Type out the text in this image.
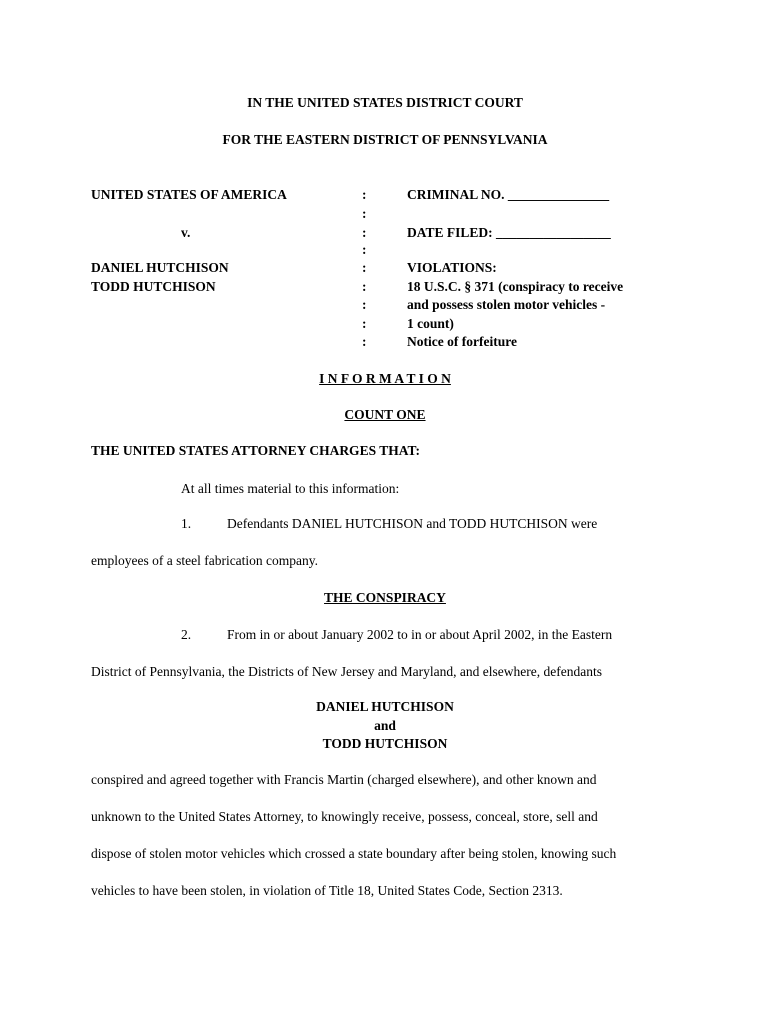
IN THE UNITED STATES DISTRICT COURT
FOR THE EASTERN DISTRICT OF PENNSYLVANIA
UNITED STATES OF AMERICA
v.
DANIEL HUTCHISON
TODD HUTCHISON
:
:
:
:
:
:
:
:
:
CRIMINAL NO. _______________
DATE FILED: _________________
VIOLATIONS:
18 U.S.C. § 371 (conspiracy to receive
and possess stolen motor vehicles -
1 count)
Notice of forfeiture
I N F O R M A T I O N
COUNT ONE
THE UNITED STATES ATTORNEY CHARGES THAT:
At all times material to this information:
1.	Defendants DANIEL HUTCHISON and TODD HUTCHISON were
employees of a steel fabrication company.
THE CONSPIRACY
2.	From in or about January 2002 to in or about April 2002, in the Eastern
District of Pennsylvania, the Districts of New Jersey and Maryland, and elsewhere, defendants
DANIEL HUTCHISON
and
TODD HUTCHISON
conspired and agreed together with Francis Martin (charged elsewhere), and other known and
unknown to the United States Attorney, to knowingly receive, possess, conceal, store, sell and
dispose of stolen motor vehicles which crossed a state boundary after being stolen, knowing such
vehicles to have been stolen, in violation of Title 18, United States Code, Section 2313.
